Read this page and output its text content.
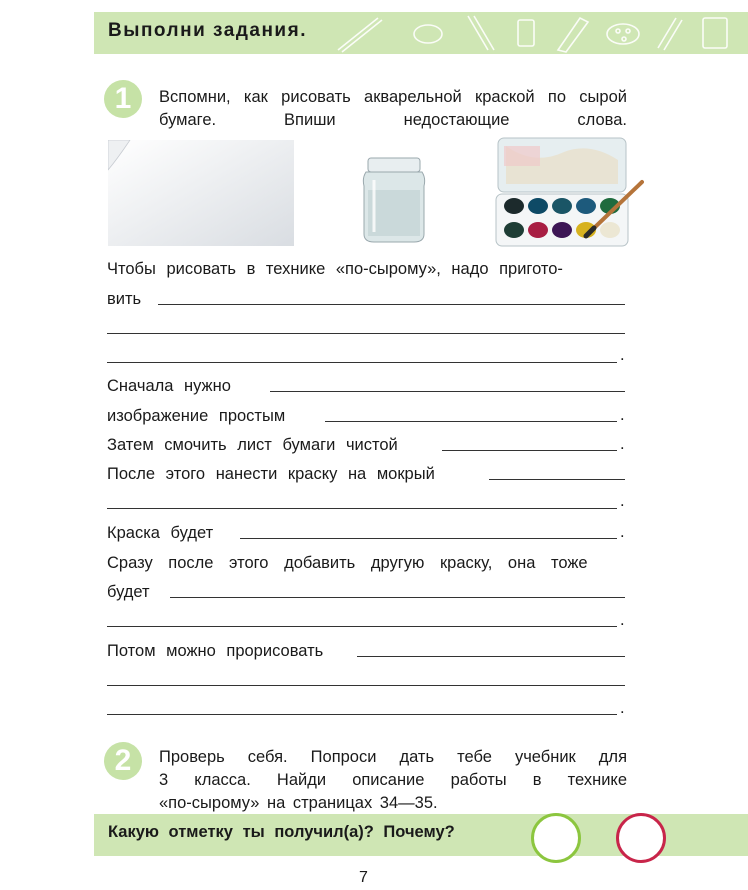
Выполни задания.
1	Вспомни, как рисовать акварельной краской по сырой бумаге. Впиши недостающие слова.
Чтобы рисовать в технике «по-сырому», надо пригото-
вить
.
Сначала нужно
изображение простым	.
Затем смочить лист бумаги чистой	.
После этого нанести краску на мокрый
.
Краска будет	.
Сразу после этого добавить другую краску, она тоже
будет
.
Потом можно прорисовать
.
2	Проверь себя. Попроси дать тебе учебник для
3 класса. Найди описание работы в технике
«по-сырому» на страницах 34—35.
Какую отметку ты получил(а)? Почему?
7
